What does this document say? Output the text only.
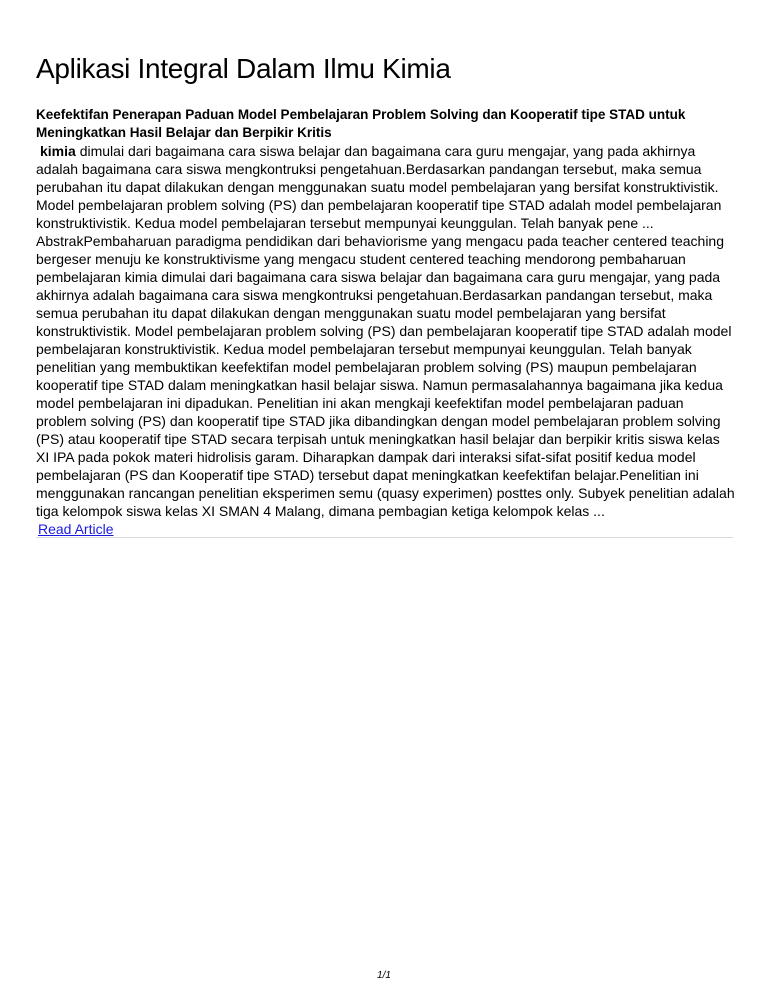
Aplikasi Integral Dalam Ilmu Kimia
Keefektifan Penerapan Paduan Model Pembelajaran Problem Solving dan Kooperatif tipe STAD untuk Meningkatkan Hasil Belajar dan Berpikir Kritis

kimia dimulai dari bagaimana cara siswa belajar dan bagaimana cara guru mengajar, yang pada akhirnya adalah bagaimana cara siswa mengkontruksi pengetahuan.Berdasarkan pandangan tersebut, maka semua perubahan itu dapat dilakukan dengan menggunakan suatu model pembelajaran yang bersifat konstruktivistik. Model pembelajaran problem solving (PS) dan pembelajaran kooperatif tipe STAD adalah model pembelajaran konstruktivistik. Kedua model pembelajaran tersebut mempunyai keunggulan. Telah banyak pene ... AbstrakPembaharuan paradigma pendidikan dari behaviorisme yang mengacu pada teacher centered teaching bergeser menuju ke konstruktivisme yang mengacu student centered teaching mendorong pembaharuan pembelajaran kimia dimulai dari bagaimana cara siswa belajar dan bagaimana cara guru mengajar, yang pada akhirnya adalah bagaimana cara siswa mengkontruksi pengetahuan.Berdasarkan pandangan tersebut, maka semua perubahan itu dapat dilakukan dengan menggunakan suatu model pembelajaran yang bersifat konstruktivistik. Model pembelajaran problem solving (PS) dan pembelajaran kooperatif tipe STAD adalah model pembelajaran konstruktivistik. Kedua model pembelajaran tersebut mempunyai keunggulan. Telah banyak penelitian yang membuktikan keefektifan model pembelajaran problem solving (PS) maupun pembelajaran kooperatif tipe STAD dalam meningkatkan hasil belajar siswa. Namun permasalahannya bagaimana jika kedua model pembelajaran ini dipadukan. Penelitian ini akan mengkaji keefektifan model pembelajaran paduan problem solving (PS) dan kooperatif tipe STAD jika dibandingkan dengan model pembelajaran problem solving (PS) atau kooperatif tipe STAD secara terpisah untuk meningkatkan hasil belajar dan berpikir kritis siswa kelas XI IPA pada pokok materi hidrolisis garam. Diharapkan dampak dari interaksi sifat-sifat positif kedua model pembelajaran (PS dan Kooperatif tipe STAD) tersebut dapat meningkatkan keefektifan belajar.Penelitian ini menggunakan rancangan penelitian eksperimen semu (quasy experimen) posttes only. Subyek penelitian adalah tiga kelompok siswa kelas XI SMAN 4 Malang, dimana pembagian ketiga kelompok kelas ...

Read Article
1/1
